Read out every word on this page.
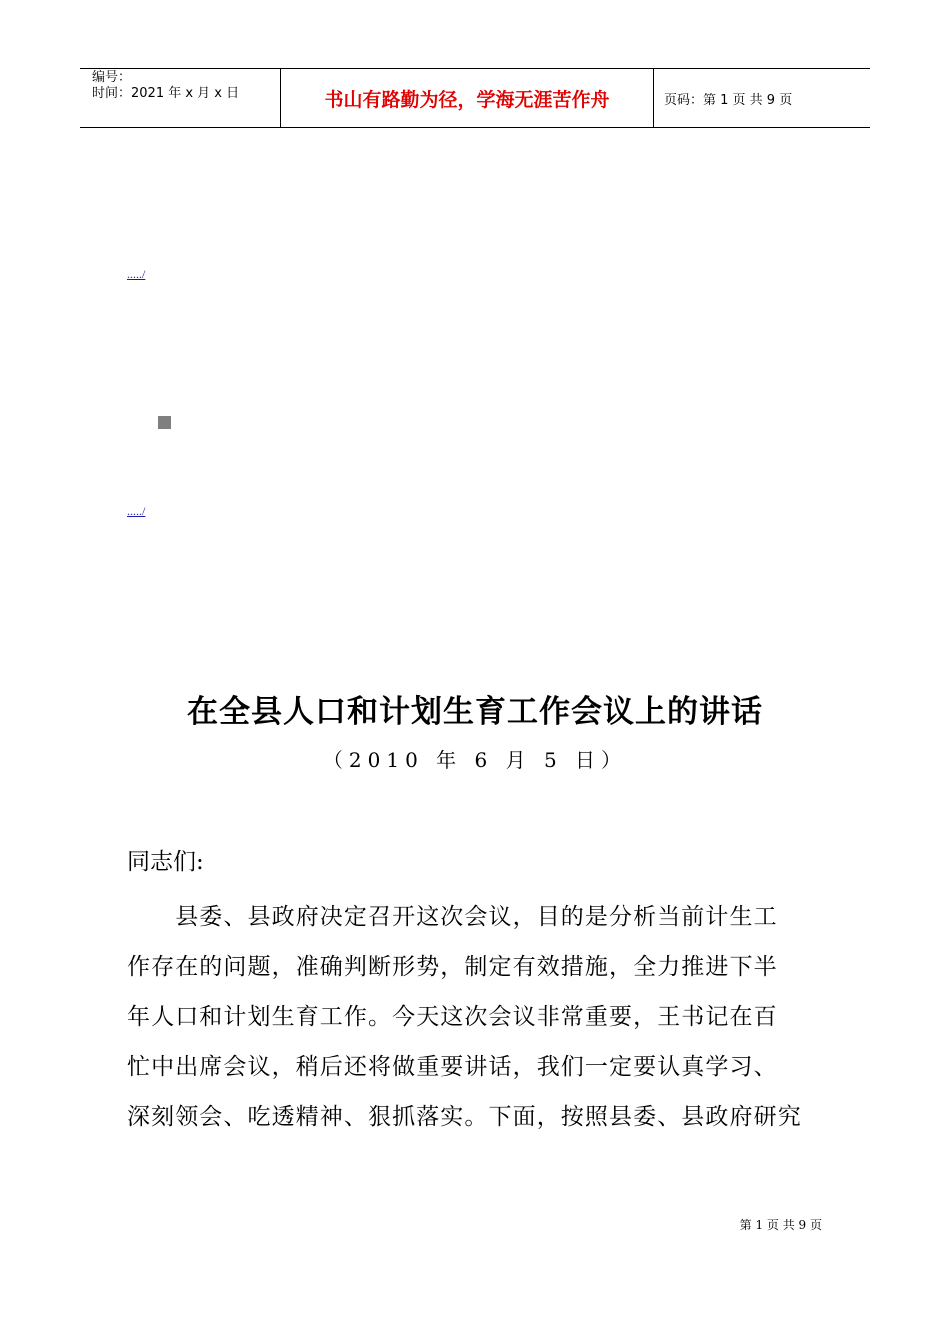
编号：
时间：2021 年 x 月 x 日	书山有路勤为径，学海无涯苦作舟	页码：第 1 页 共 9 页
...../
...../
在全县人口和计划生育工作会议上的讲话
（2010 年 6 月 5 日）
同志们:
　　县委、县政府决定召开这次会议，目的是分析当前计生工
作存在的问题，准确判断形势，制定有效措施，全力推进下半
年人口和计划生育工作。今天这次会议非常重要，王书记在百
忙中出席会议，稍后还将做重要讲话，我们一定要认真学习、
深刻领会、吃透精神、狠抓落实。下面，按照县委、县政府研究
第 1 页 共 9 页
